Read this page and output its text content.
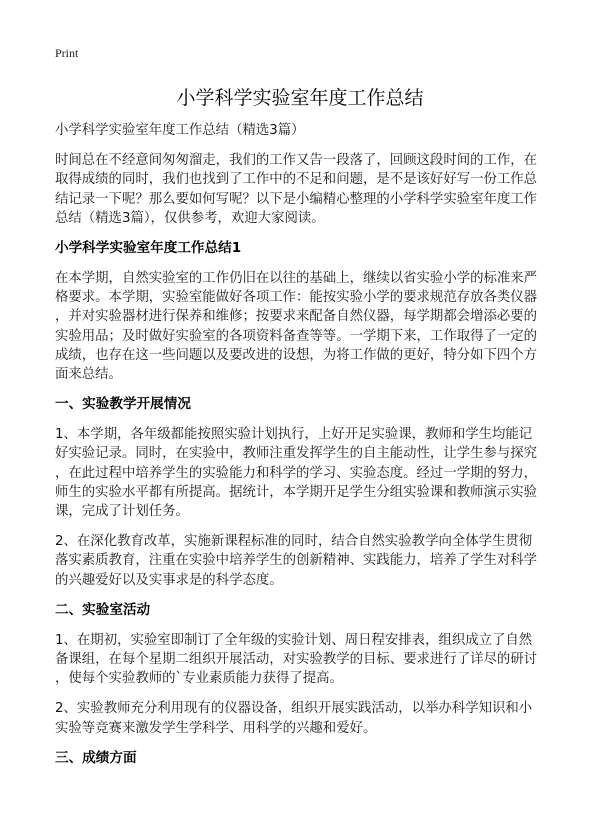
Print
小学科学实验室年度工作总结
小学科学实验室年度工作总结（精选3篇）
时间总在不经意间匆匆溜走，我们的工作又告一段落了，回顾这段时间的工作，在
取得成绩的同时，我们也找到了工作中的不足和问题，是不是该好好写一份工作总
结记录一下呢？那么要如何写呢？以下是小编精心整理的小学科学实验室年度工作
总结（精选3篇），仅供参考，欢迎大家阅读。
小学科学实验室年度工作总结1
在本学期，自然实验室的工作仍旧在以往的基础上，继续以省实验小学的标准来严
格要求。本学期，实验室能做好各项工作：能按实验小学的要求规范存放各类仪器
，并对实验器材进行保养和维修；按要求来配备自然仪器，每学期都会增添必要的
实验用品；及时做好实验室的各项资料备查等等。一学期下来，工作取得了一定的
成绩，也存在这一些问题以及要改进的设想，为将工作做的更好，特分如下四个方
面来总结。
一、实验教学开展情况
1、本学期，各年级都能按照实验计划执行，上好开足实验课，教师和学生均能记
好实验记录。同时，在实验中，教师注重发挥学生的自主能动性，让学生参与探究
，在此过程中培养学生的实验能力和科学的学习、实验态度。经过一学期的努力，
师生的实验水平都有所提高。据统计，本学期开足学生分组实验课和教师演示实验
课，完成了计划任务。
2、在深化教育改革，实施新课程标准的同时，结合自然实验教学向全体学生贯彻
落实素质教育，注重在实验中培养学生的创新精神、实践能力，培养了学生对科学
的兴趣爱好以及实事求是的科学态度。
二、实验室活动
1、在期初，实验室即制订了全年级的实验计划、周日程安排表，组织成立了自然
备课组，在每个星期二组织开展活动，对实验教学的目标、要求进行了详尽的研讨
，使每个实验教师的`专业素质能力获得了提高。
2、实验教师充分利用现有的仪器设备，组织开展实践活动，以举办科学知识和小
实验等竞赛来激发学生学科学、用科学的兴趣和爱好。
三、成绩方面
